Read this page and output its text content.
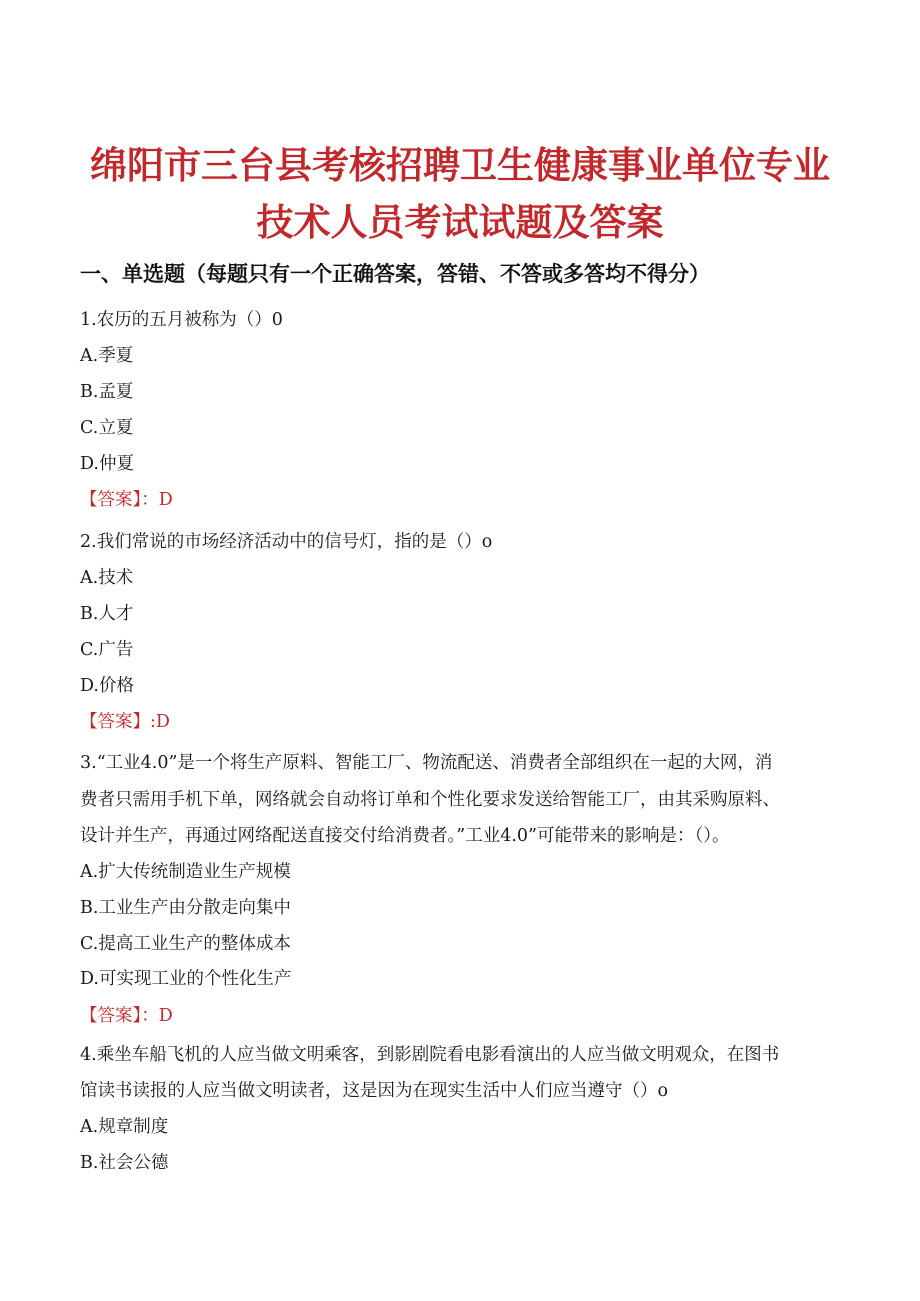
绵阳市三台县考核招聘卫生健康事业单位专业
技术人员考试试题及答案
一、单选题（每题只有一个正确答案，答错、不答或多答均不得分）

1.农历的五月被称为（）0

A.季夏

B.孟夏

C.立夏

D.仲夏

【答案】：D

2.我们常说的市场经济活动中的信号灯，指的是（）o

A.技术

B.人才

C.广告

D.价格

【答案】:D

3.“工业4.0”是一个将生产原料、智能工厂、物流配送、消费者全部组织在一起的大网，消

费者只需用手机下单，网络就会自动将订单和个性化要求发送给智能工厂，由其采购原料、

设计并生产，再通过网络配送直接交付给消费者。”工业4.0”可能带来的影响是：（）。

A.扩大传统制造业生产规模

B.工业生产由分散走向集中

C.提高工业生产的整体成本

D.可实现工业的个性化生产

【答案】：D

4.乘坐车船飞机的人应当做文明乘客，到影剧院看电影看演出的人应当做文明观众，在图书

馆读书读报的人应当做文明读者，这是因为在现实生活中人们应当遵守（）o

A.规章制度

B.社会公德
